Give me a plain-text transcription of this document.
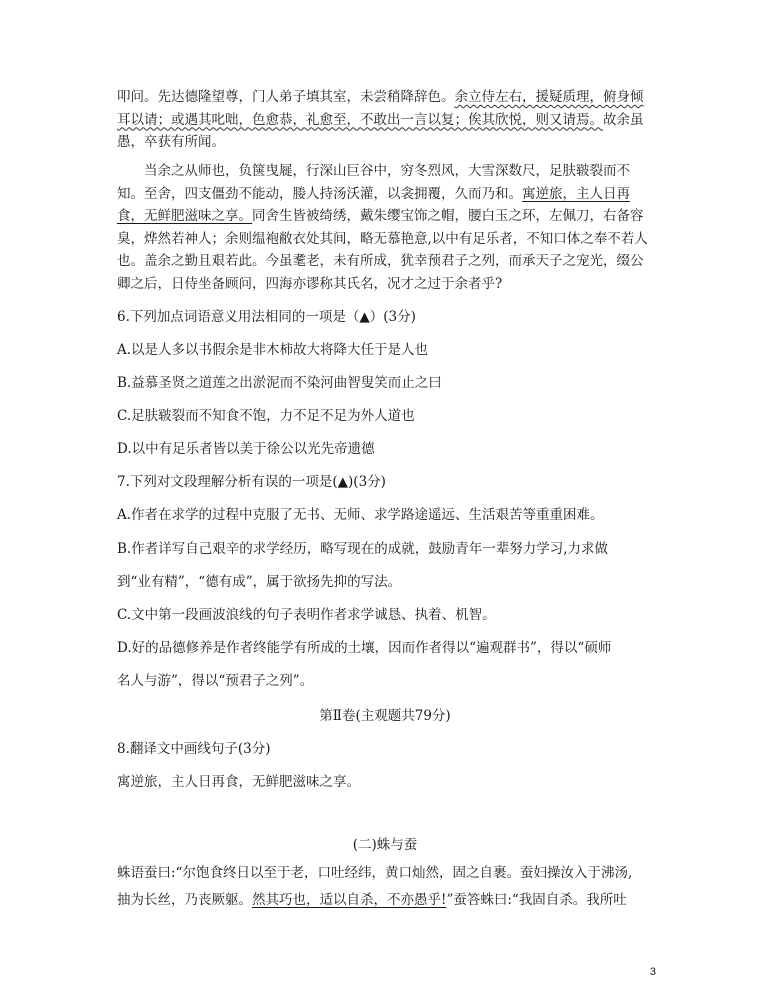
叩问。先达德隆望尊，门人弟子填其室，未尝稍降辞色。余立侍左右，援疑质理，俯身倾耳以请；或遇其叱咄，色愈恭，礼愈至，不敢出一言以复；俟其欣悦，则又请焉。故余虽愚，卒获有所闻。
当余之从师也，负箧曳屣，行深山巨谷中，穷冬烈风，大雪深数尺，足肤皲裂而不知。至舍，四支僵劲不能动，媵人持汤沃灌，以衾拥覆，久而乃和。寓逆旅，主人日再食，无鲜肥滋味之享。同舍生皆被绮绣，戴朱缨宝饰之帽，腰白玉之环，左佩刀，右备容臭，烨然若神人；余则缊袍敝衣处其间，略无慕艳意,以中有足乐者，不知口体之奉不若人也。盖余之勤且艰若此。今虽耄老，未有所成，犹幸预君子之列，而承天子之宠光，缀公卿之后，日侍坐备顾问，四海亦谬称其氏名，况才之过于余者乎?
6.下列加点词语意义用法相同的一项是（▲）(3分)
A.以是人多以书假余是非木柿故大将降大任于是人也
B.益慕圣贤之道莲之出淤泥而不染河曲智叟笑而止之曰
C.足肤皲裂而不知食不饱，力不足不足为外人道也
D.以中有足乐者皆以美于徐公以光先帝遗德
7.下列对文段理解分析有误的一项是(▲)(3分)
A.作者在求学的过程中克服了无书、无师、求学路途遥远、生活艰苦等重重困难。
B.作者详写自己艰辛的求学经历，略写现在的成就，鼓励青年一辈努力学习,力求做
到“业有精”，“德有成”，属于欲扬先抑的写法。
C.文中第一段画波浪线的句子表明作者求学诚恳、执着、机智。
D.好的品德修养是作者终能学有所成的土壤，因而作者得以“遍观群书”，得以“硕师
名人与游”，得以“预君子之列”。
第Ⅱ卷(主观题共79分)
8.翻译文中画线句子(3分)
寓逆旅，主人日再食，无鲜肥滋味之享。
(二)蛛与蚕
蛛语蚕曰:“尔饱食终日以至于老，口吐经纬，黄口灿然，固之自裹。蚕妇操汝入于沸汤,
抽为长丝，乃丧厥躯。然其巧也，适以自杀，不亦愚乎!”蚕答蛛曰:“我固自杀。我所吐
3
